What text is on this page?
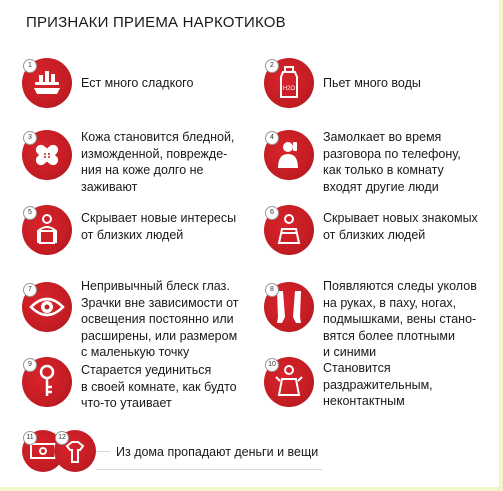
ПРИЗНАКИ ПРИЕМА НАРКОТИКОВ
1
Ест много сладкого	H2O
2
Пьет много воды
3	Кожа становится бледной,
изможденной, поврежде-
ния на коже долго не
заживают
4	Замолкает во время
разговора по телефону,
как только в комнату
входят другие люди
5	Скрывает новые интересы
от близких людей
6	Скрывает новых знакомых
от близких людей
7	Непривычный блеск глаз.
Зрачки вне зависимости от
освещения постоянно или
расширены, или размером
с маленькую точку
8	Появляются следы уколов
на руках, в паху, ногах,
подмышками, вены стано-
вятся более плотными
и синими
9	Старается уединиться
в своей комнате, как будто
что-то утаивает
10	Становится
раздражительным,
неконтактным
11	12
Из дома пропадают деньги и вещи
